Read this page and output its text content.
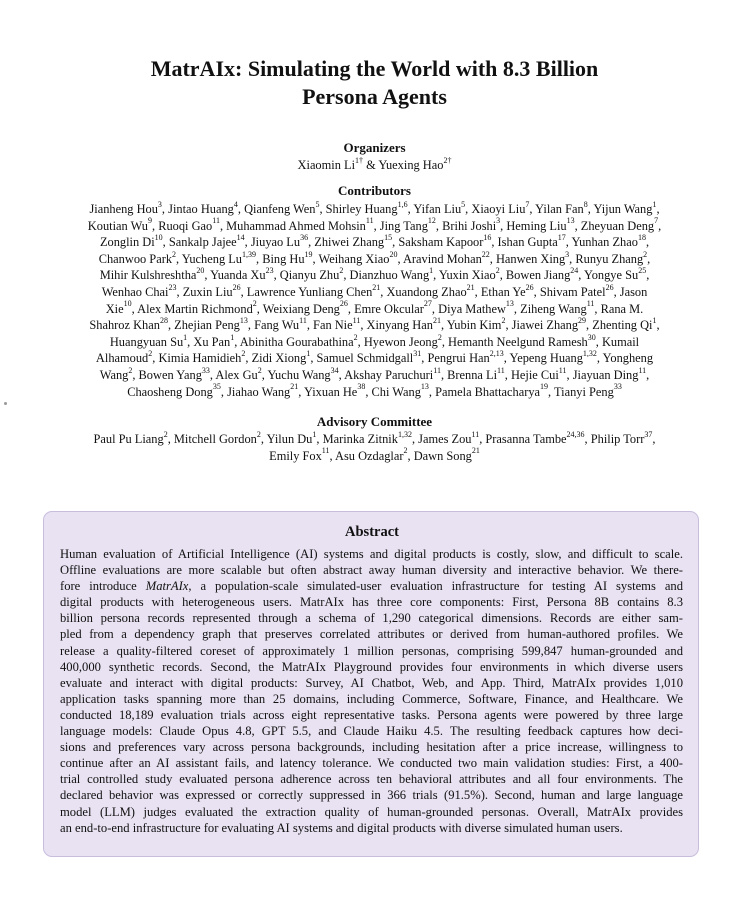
MatrAIx: Simulating the World with 8.3 Billion
Persona Agents
Organizers
Xiaomin $Li^{1\dagger}$ & Yuexing Hao$^{2\dagger}$
Contributors
Jianheng Hou$^3$, Jintao Huang$^4$, Qianfeng Wen$^5$, Shirley Huang$^{1,6}$, Yifan Liu$^5$, Xiaoyi Liu$^7$, Yilan Fan$^8$, Yijun Wang$^1$,
Koutian Wu$^9$, Ruoqi Gao$^{11}$, Muhammad Ahmed Mohsin$^{11}$, Jing Tang$^{12}$, Brihi Joshi$^3$, Heming Liu$^{13}$, Zheyuan Deng$^7$,
Zonglin Di$^{10}$, Sankalp Jajee$^{14}$, Jiuyao Lu$^{36}$, Zhiwei Zhang$^{15}$, Saksham Kapoor$^{16}$, Ishan Gupta$^{17}$, Yunhan Zhao$^{18}$,
Chanwoo Park$^2$, Yucheng Lu$^{1,39}$, Bing Hu$^{19}$, Weihang Xiao$^{20}$, Aravind Mohan$^{22}$, Hanwen Xing$^3$, Runyu Zhang$^2$,
Mihir Kulshreshtha$^{20}$, Yuanda Xu$^{23}$, Qianyu Zhu$^2$, Dianzhuo Wang$^1$, Yuxin Xiao$^2$, Bowen Jiang$^{24}$, Yongye Su$^{25}$,
Wenhao Chai$^{23}$, Zuxin Liu$^{26}$, Lawrence Yunliang Chen$^{21}$, Xuandong Zhao$^{21}$, Ethan Ye$^{26}$, Shivam Patel$^{26}$, Jason
Xie$^{10}$, Alex Martin Richmond$^2$, Weixiang Deng$^{26}$, Emre Okcular$^{27}$, Diya Mathew$^{13}$, Ziheng Wang$^{11}$, Rana M.
Shahroz Khan$^{28}$, Zhejian Peng$^{13}$, Fang Wu$^{11}$, Fan Nie$^{11}$, Xinyang Han$^{21}$, Yubin Kim$^2$, Jiawei Zhang$^{29}$, Zhenting Qi$^1$,
Huangyuan Su$^1$, Xu Pan$^1$, Abinitha Gourabathina$^2$, Hyewon Jeong$^2$, Hemanth Neelgund Ramesh$^{30}$, Kumail
Alhamoud$^2$, Kimia Hamidieh$^2$, Zidi Xiong$^1$, Samuel Schmidgall$^{31}$, Pengrui Han$^{2,13}$, Yepeng Huang$^{1,32}$, Yongheng
Wang$^2$, Bowen Yang$^{33}$, Alex Gu$^2$, Yuchu Wang$^{34}$, Akshay Paruchuri$^{11}$, Brenna Li$^{11}$, Hejie Cui$^{11}$, Jiayuan Ding$^{11}$,
Chaosheng Dong$^{35}$, Jiahao Wang$^{21}$, Yixuan He$^{38}$, Chi Wang$^{13}$, Pamela Bhattacharya$^{19}$, Tianyi Peng$^{33}$
Advisory Committee
Paul Pu Liang$^2$, Mitchell Gordon$^2$, Yilun Du$^1$, Marinka Zitnik$^{1,32}$, James Zou$^{11}$, Prasanna Tambe$^{24,36}$, Philip Torr$^{37}$,
Emily Fox$^{11}$, Asu Ozdaglar$^2$, Dawn Song$^{21}$
Abstract
Human evaluation of Artificial Intelligence (AI) systems and digital products is costly, slow, and difficult to scale.
Offline evaluations are more scalable but often abstract away human diversity and interactive behavior. We there-
fore introduce MatrAIx, a population-scale simulated-user evaluation infrastructure for testing AI systems and
digital products with heterogeneous users. MatrAIx has three core components: First, Persona 8B contains 8.3
billion persona records represented through a schema of 1,290 categorical dimensions. Records are either sam-
pled from a dependency graph that preserves correlated attributes or derived from human-authored profiles. We
release a quality-filtered coreset of approximately 1 million personas, comprising 599,847 human-grounded and
400,000 synthetic records. Second, the MatrAIx Playground provides four environments in which diverse users
evaluate and interact with digital products: Survey, AI Chatbot, Web, and App. Third, MatrAIx provides 1,010
application tasks spanning more than 25 domains, including Commerce, Software, Finance, and Healthcare. We
conducted 18,189 evaluation trials across eight representative tasks. Persona agents were powered by three large
language models: Claude Opus 4.8, GPT 5.5, and Claude Haiku 4.5. The resulting feedback captures how deci-
sions and preferences vary across persona backgrounds, including hesitation after a price increase, willingness to
continue after an AI assistant fails, and latency tolerance. We conducted two main validation studies: First, a 400-
trial controlled study evaluated persona adherence across ten behavioral attributes and all four environments. The
declared behavior was expressed or correctly suppressed in 366 trials (91.5%). Second, human and large language
model (LLM) judges evaluated the extraction quality of human-grounded personas. Overall, MatrAIx provides
an end-to-end infrastructure for evaluating AI systems and digital products with diverse simulated human users.
